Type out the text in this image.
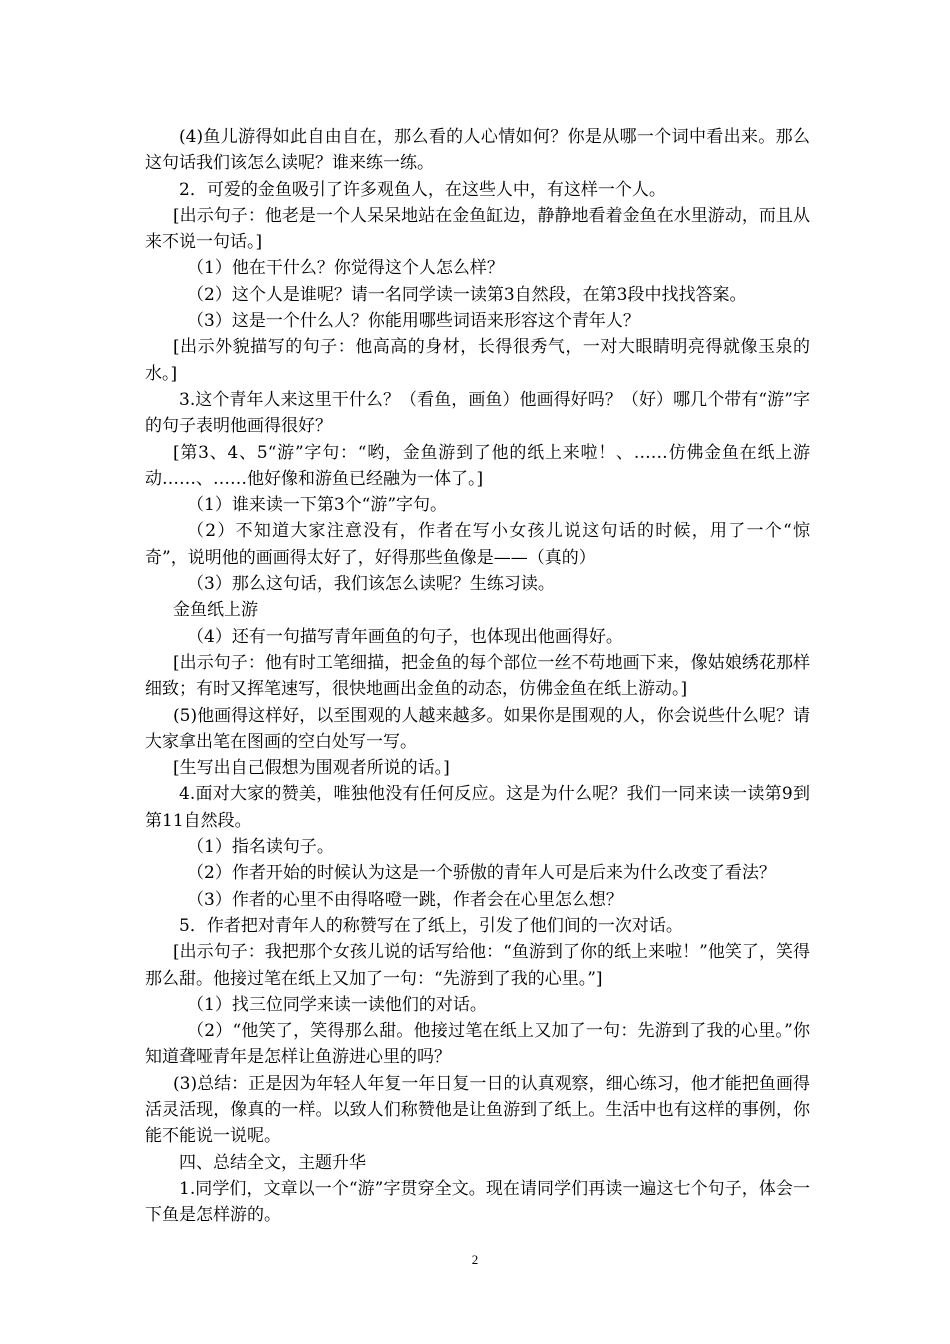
(4)鱼儿游得如此自由自在，那么看的人心情如何？你是从哪一个词中看出来。那么这句话我们该怎么读呢？谁来练一练。

2．可爱的金鱼吸引了许多观鱼人，在这些人中，有这样一个人。

[出示句子：他老是一个人呆呆地站在金鱼缸边，静静地看着金鱼在水里游动，而且从来不说一句话。]

（1）他在干什么？你觉得这个人怎么样？

（2）这个人是谁呢？请一名同学读一读第3自然段，在第3段中找找答案。

（3）这是一个什么人？你能用哪些词语来形容这个青年人？

[出示外貌描写的句子：他高高的身材，长得很秀气，一对大眼睛明亮得就像玉泉的水。]

3.这个青年人来这里干什么？（看鱼，画鱼）他画得好吗？（好）哪几个带有“游”字的句子表明他画得很好？

[第3、4、5“游”字句：“哟，金鱼游到了他的纸上来啦！、……仿佛金鱼在纸上游动……、……他好像和游鱼已经融为一体了。]

（1）谁来读一下第3个“游”字句。

（2）不知道大家注意没有，作者在写小女孩儿说这句话的时候，用了一个“惊奇”，说明他的画画得太好了，好得那些鱼像是——（真的）

（3）那么这句话，我们该怎么读呢？生练习读。

金鱼纸上游

（4）还有一句描写青年画鱼的句子，也体现出他画得好。

[出示句子：他有时工笔细描，把金鱼的每个部位一丝不苟地画下来，像姑娘绣花那样细致；有时又挥笔速写，很快地画出金鱼的动态，仿佛金鱼在纸上游动。]

(5)他画得这样好，以至围观的人越来越多。如果你是围观的人，你会说些什么呢？请大家拿出笔在图画的空白处写一写。

[生写出自己假想为围观者所说的话。]

4.面对大家的赞美，唯独他没有任何反应。这是为什么呢？我们一同来读一读第9到第11自然段。

（1）指名读句子。

（2）作者开始的时候认为这是一个骄傲的青年人可是后来为什么改变了看法？

（3）作者的心里不由得咯噔一跳，作者会在心里怎么想？

5．作者把对青年人的称赞写在了纸上，引发了他们间的一次对话。

[出示句子：我把那个女孩儿说的话写给他：“鱼游到了你的纸上来啦！”他笑了，笑得那么甜。他接过笔在纸上又加了一句：“先游到了我的心里。”]

（1）找三位同学来读一读他们的对话。

（2）“他笑了，笑得那么甜。他接过笔在纸上又加了一句：先游到了我的心里。”你知道聋哑青年是怎样让鱼游进心里的吗？

(3)总结：正是因为年轻人年复一年日复一日的认真观察，细心练习，他才能把鱼画得活灵活现，像真的一样。以致人们称赞他是让鱼游到了纸上。生活中也有这样的事例，你能不能说一说呢。

四、总结全文，主题升华

1.同学们，文章以一个“游”字贯穿全文。现在请同学们再读一遍这七个句子，体会一下鱼是怎样游的。

2
